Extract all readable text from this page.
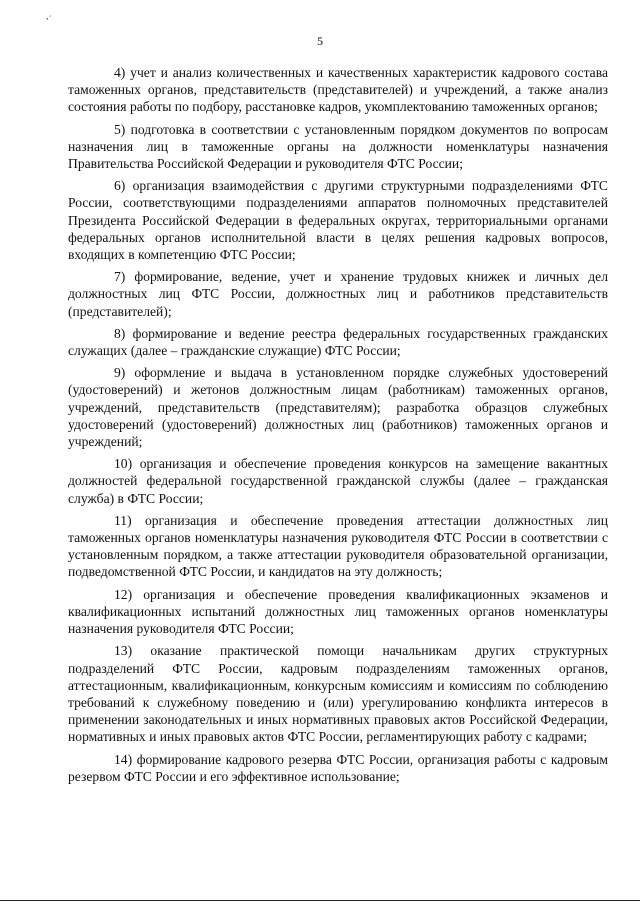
ꞏ´
5

4) учет и анализ количественных и качественных характеристик кадрового состава таможенных органов, представительств (представителей) и учреждений, а также анализ состояния работы по подбору, расстановке кадров, укомплектованию таможенных органов;

5) подготовка в соответствии с установленным порядком документов по вопросам назначения лиц в таможенные органы на должности номенклатуры назначения Правительства Российской Федерации и руководителя ФТС России;

6) организация взаимодействия с другими структурными подразделениями ФТС России, соответствующими подразделениями аппаратов полномочных представителей Президента Российской Федерации в федеральных округах, территориальными органами федеральных органов исполнительной власти в целях решения кадровых вопросов, входящих в компетенцию ФТС России;

7) формирование, ведение, учет и хранение трудовых книжек и личных дел должностных лиц ФТС России, должностных лиц и работников представительств (представителей);

8) формирование и ведение реестра федеральных государственных гражданских служащих (далее – гражданские служащие) ФТС России;

9) оформление и выдача в установленном порядке служебных удостоверений (удостоверений) и жетонов должностным лицам (работникам) таможенных органов, учреждений, представительств (представителям); разработка образцов служебных удостоверений (удостоверений) должностных лиц (работников) таможенных органов и учреждений;

10) организация и обеспечение проведения конкурсов на замещение вакантных должностей федеральной государственной гражданской службы (далее – гражданская служба) в ФТС России;

11) организация и обеспечение проведения аттестации должностных лиц таможенных органов номенклатуры назначения руководителя ФТС России в соответствии с установленным порядком, а также аттестации руководителя образовательной организации, подведомственной ФТС России, и кандидатов на эту должность;

12) организация и обеспечение проведения квалификационных экзаменов и квалификационных испытаний должностных лиц таможенных органов номенклатуры назначения руководителя ФТС России;

13) оказание практической помощи начальникам других структурных подразделений ФТС России, кадровым подразделениям таможенных органов, аттестационным, квалификационным, конкурсным комиссиям и комиссиям по соблюдению требований к служебному поведению и (или) урегулированию конфликта интересов в применении законодательных и иных нормативных правовых актов Российской Федерации, нормативных и иных правовых актов ФТС России, регламентирующих работу с кадрами;

14) формирование кадрового резерва ФТС России, организация работы с кадровым резервом ФТС России и его эффективное использование;
